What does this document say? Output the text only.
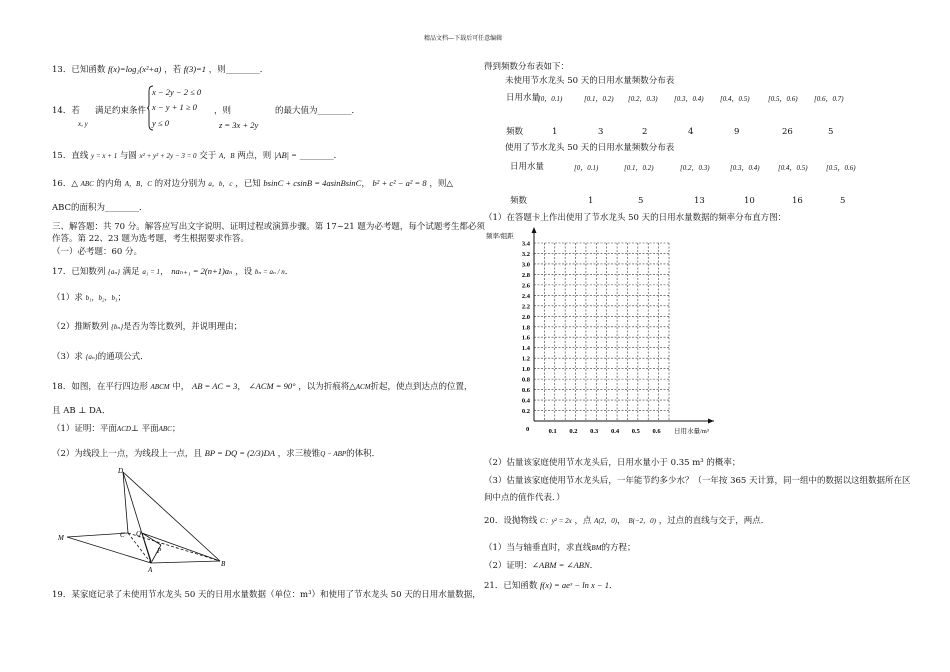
精品文档---下载后可任意编辑
13．已知函数 f(x)=log₂(x²+a) ，若 f(3)=1 ，则________．
14．若
x, y
满足约束条件
x − 2y − 2 ≤ 0
x − y + 1 ≥ 0
y ≤ 0
，则
z = 3x + 2y
的最大值为________．
15．直线 y = x + 1 与圆 x² + y² + 2y − 3 = 0 交于 A，B 两点，则 |AB| = ________．
16．△ ABC 的内角 A，B，C 的对边分别为 a，b，c ，已知 bsinC + csinB = 4asinBsinC， b² + c² − a² = 8 ，则△
ABC的面积为________．
三、解答题：共 70 分。解答应写出文字说明、证明过程或演算步骤。第 17~21 题为必考题，每个试题考生都必须
作答。第 22、23 题为选考题，考生根据要求作答。
（一）必考题：60 分。
17．已知数列 {aₙ} 满足 a₁ = 1， naₙ₊₁ = 2(n+1)aₙ ，设 bₙ = aₙ / n．
（1）求 b₁，b₂，b₃；
（2）推断数列 {bₙ}是否为等比数列，并说明理由；
（3）求 {aₙ}的通项公式．
18．如图，在平行四边形 ABCM 中， AB = AC = 3， ∠ACM = 90° ，以为折痕将△ACM折起，使点到达点的位置，
且 AB ⊥ DA．
（1）证明：平面ACD⊥ 平面ABC；
（2）为线段上一点，为线段上一点，且 BP = DQ = (2/3)DA ，求三棱锥Q − ABP的体积．
D
C Q
P
M
A
B
19．某家庭记录了未使用节水龙头 50 天的日用水量数据（单位：m³）和使用了节水龙头 50 天的日用水量数据，
得到频数分布表如下：
未使用节水龙头 50 天的日用水量频数分布表
日用水量
频数
使用了节水龙头 50 天的日用水量频数分布表
日用水量
频数
[0，0.1)
1
[0.1，0.2)
3
[0.2，0.3)
2
[0.3，0.4)
4
[0.4，0.5)
9
[0.5，0.6)
26
[0.6，0.7)
5
[0，0.1)
1
[0.1，0.2)
5
[0.2，0.3)
13
[0.3，0.4)
10
[0.4，0.5)
16
[0.5，0.6)
5
（1）在答题卡上作出使用了节水龙头 50 天的日用水量数据的频率分布直方图：
0.2
0.4
0.6
0.8
1.0
1.2
1.4
1.6
1.8
2.0
2.2
2.4
2.6
2.8
3.0
3.2
3.4
0.1 0.2 0.3 0.4 0.5 0.6
0
频率/组距
日用水量/m³
（2）估量该家庭使用节水龙头后，日用水量小于 0.35 m³ 的概率；
（3）估量该家庭使用节水龙头后，一年能节约多少水？（一年按 365 天计算，同一组中的数据以这组数据所在区
间中点的值作代表．）
20．设抛物线 C：y² = 2x ，点 A(2，0)， B(−2，0) ，过点的直线与交于，两点．
（1）当与轴垂直时，求直线BM的方程；
（2）证明：∠ABM = ∠ABN．
21．已知函数 f(x) = aeˣ − ln x − 1．
